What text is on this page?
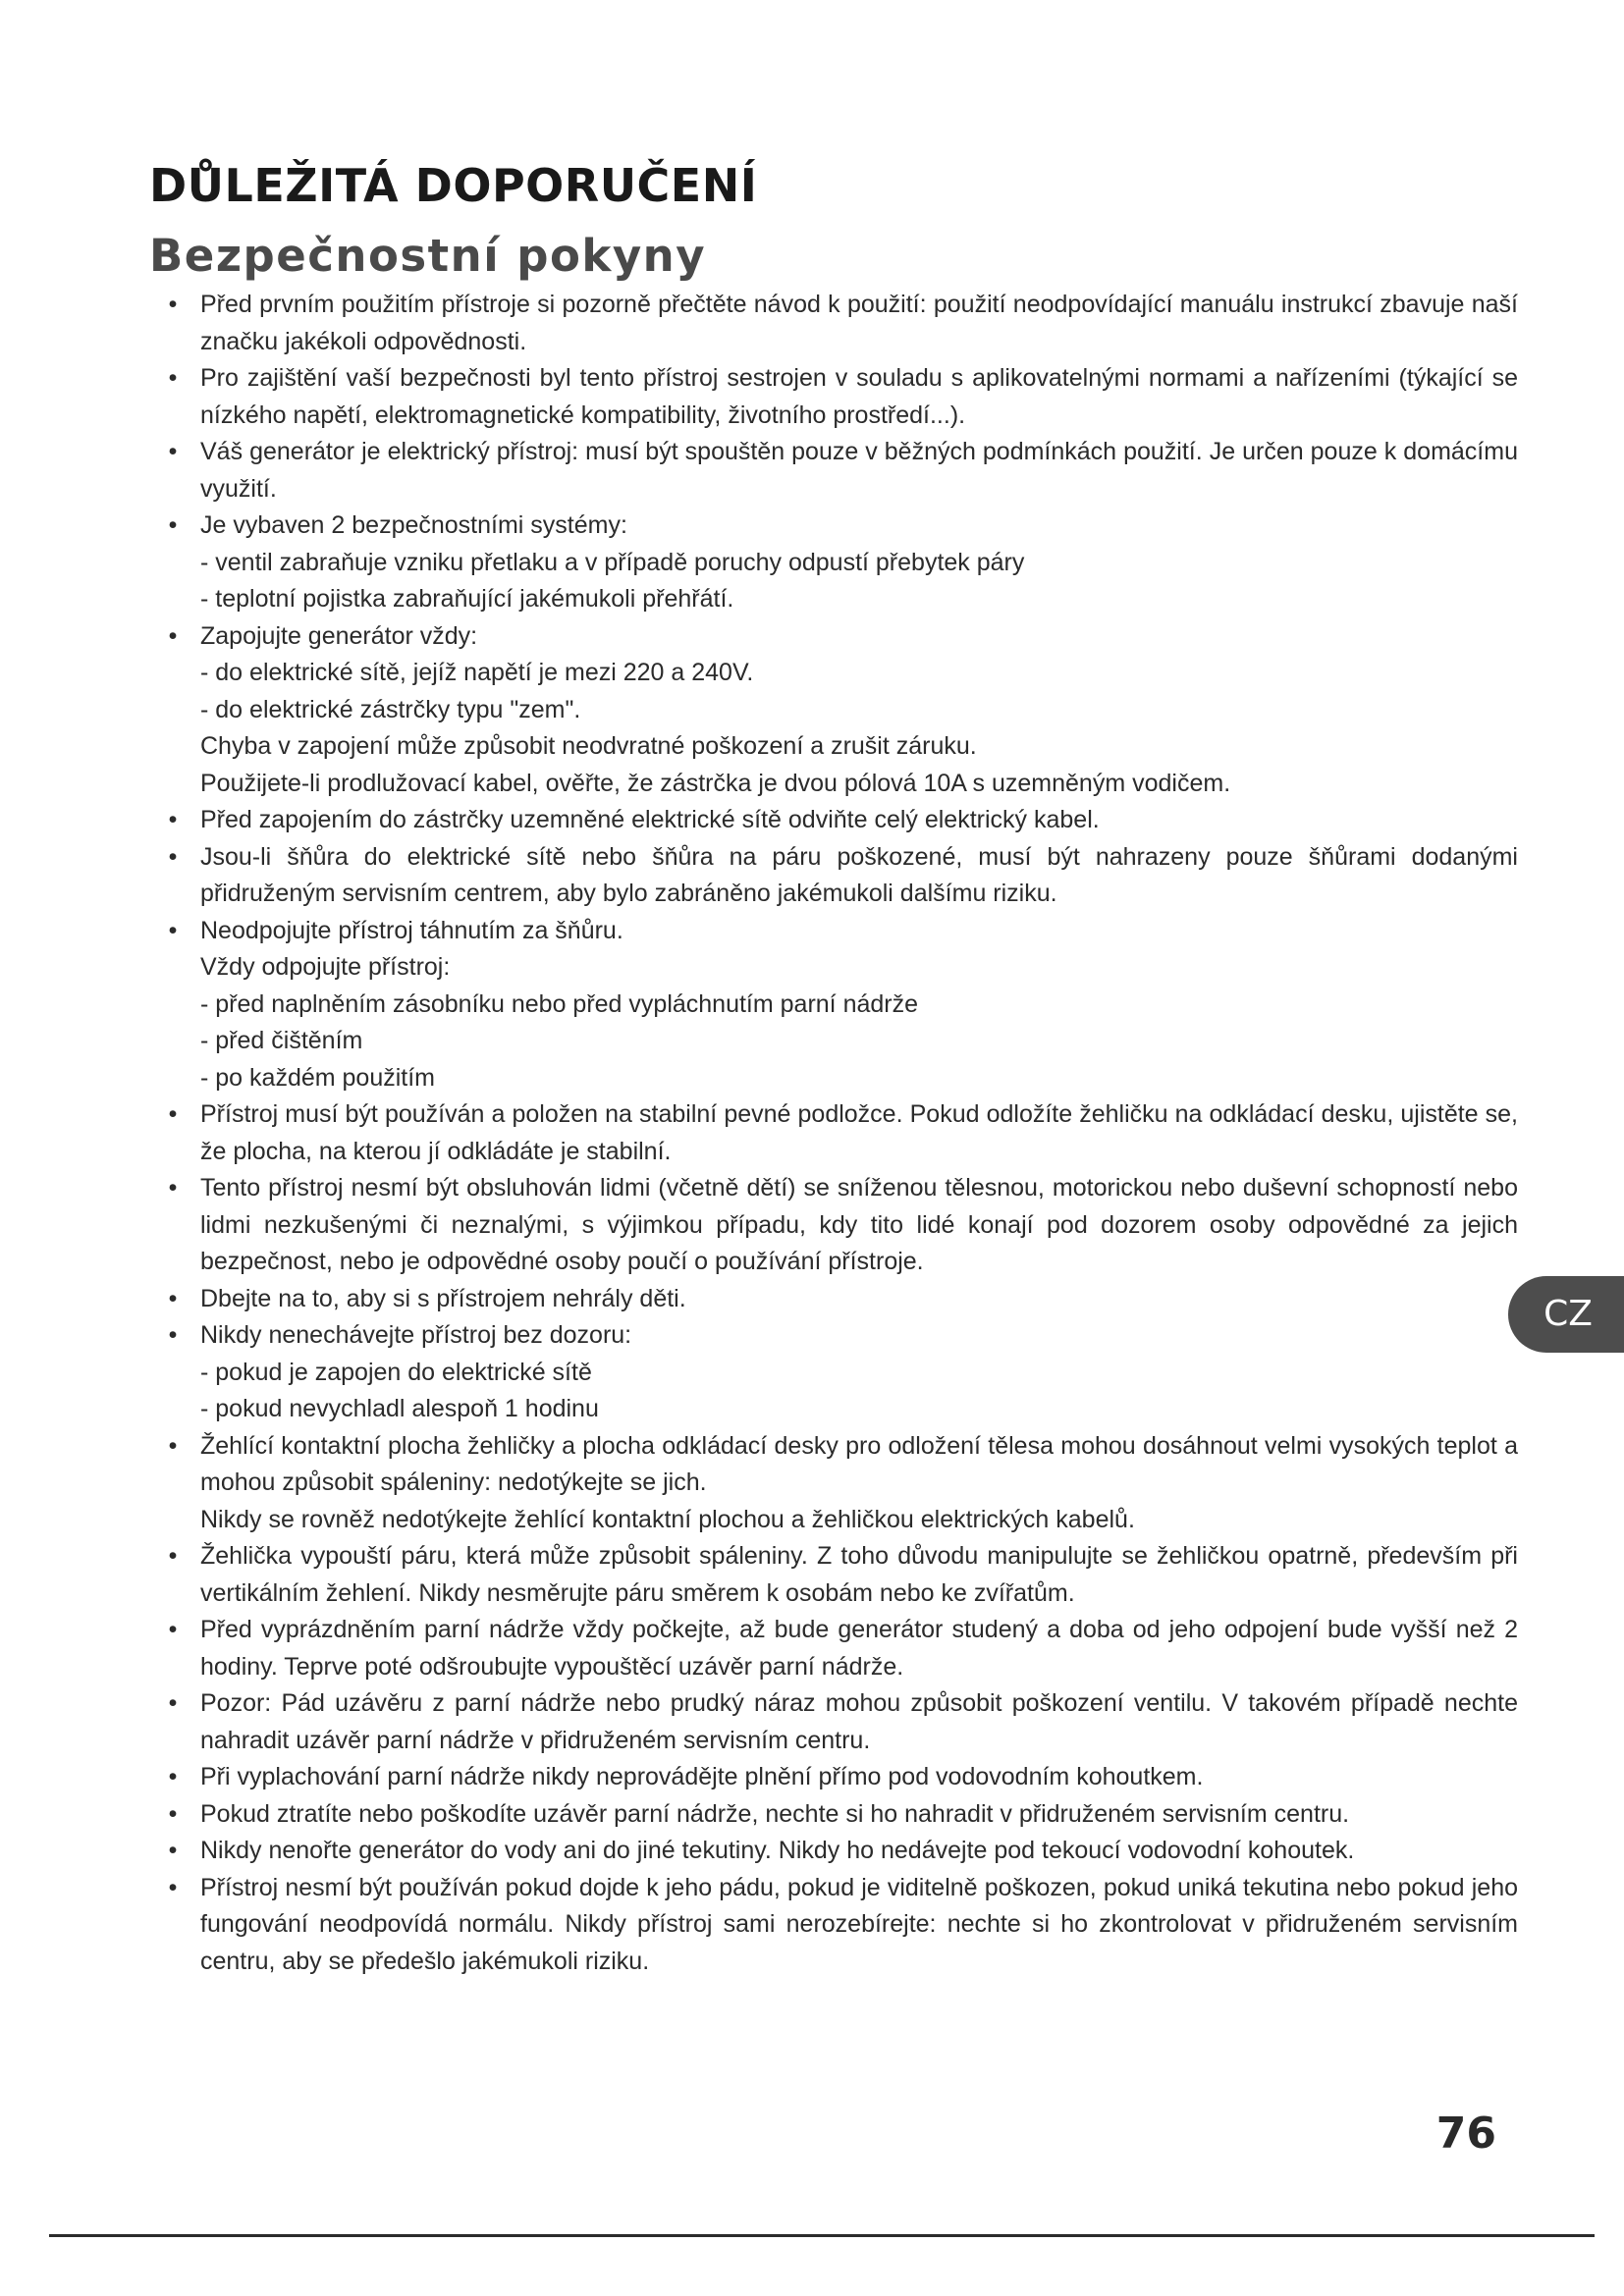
DŮLEŽITÁ DOPORUČENÍ
Bezpečnostní pokyny
• Před prvním použitím přístroje si pozorně přečtěte návod k použití: použití neodpovídající manuálu instrukcí zbavuje naší značku jakékoli odpovědnosti.
• Pro zajištění vaší bezpečnosti byl tento přístroj sestrojen v souladu s aplikovatelnými normami a nařízeními (týkající se nízkého napětí, elektromagnetické kompatibility, životního prostředí...).
• Váš generátor je elektrický přístroj: musí být spouštěn pouze v běžných podmínkách použití. Je určen pouze k domácímu využití.
• Je vybaven 2 bezpečnostními systémy:
- ventil zabraňuje vzniku přetlaku a v případě poruchy odpustí přebytek páry
- teplotní pojistka zabraňující jakémukoli přehřátí.
• Zapojujte generátor vždy:
- do elektrické sítě, jejíž napětí je mezi 220 a 240V.
- do elektrické zástrčky typu "zem".
Chyba v zapojení může způsobit neodvratné poškození a zrušit záruku.
Použijete-li prodlužovací kabel, ověřte, že zástrčka je dvou pólová 10A s uzemněným vodičem.
• Před zapojením do zástrčky uzemněné elektrické sítě odviňte celý elektrický kabel.
• Jsou-li šňůra do elektrické sítě nebo šňůra na páru poškozené, musí být nahrazeny pouze šňůrami dodanými přidruženým servisním centrem, aby bylo zabráněno jakémukoli dalšímu riziku.
• Neodpojujte přístroj táhnutím za šňůru.
Vždy odpojujte přístroj:
- před naplněním zásobníku nebo před vypláchnutím parní nádrže
- před čištěním
- po každém použitím
• Přístroj musí být používán a položen na stabilní pevné podložce. Pokud odložíte žehličku na odkládací desku, ujistěte se, že plocha, na kterou jí odkládáte je stabilní.
• Tento přístroj nesmí být obsluhován lidmi (včetně dětí) se sníženou tělesnou, motorickou nebo duševní schopností nebo lidmi nezkušenými či neznalými, s výjimkou případu, kdy tito lidé konají pod dozorem osoby odpovědné za jejich bezpečnost, nebo je odpovědné osoby poučí o používání přístroje.
• Dbejte na to, aby si s přístrojem nehrály děti.
• Nikdy nenechávejte přístroj bez dozoru:
- pokud je zapojen do elektrické sítě
- pokud nevychladl alespoň 1 hodinu
• Žehlící kontaktní plocha žehličky a plocha odkládací desky pro odložení tělesa mohou dosáhnout velmi vysokých teplot a mohou způsobit spáleniny: nedotýkejte se jich.
Nikdy se rovněž nedotýkejte žehlící kontaktní plochou a žehličkou elektrických kabelů.
• Žehlička vypouští páru, která může způsobit spáleniny. Z toho důvodu manipulujte se žehličkou opatrně, především při vertikálním žehlení. Nikdy nesměrujte páru směrem k osobám nebo ke zvířatům.
• Před vyprázdněním parní nádrže vždy počkejte, až bude generátor studený a doba od jeho odpojení bude vyšší než 2 hodiny. Teprve poté odšroubujte vypouštěcí uzávěr parní nádrže.
• Pozor: Pád uzávěru z parní nádrže nebo prudký náraz mohou způsobit poškození ventilu. V takovém případě nechte nahradit uzávěr parní nádrže v přidruženém servisním centru.
• Při vyplachování parní nádrže nikdy neprovádějte plnění přímo pod vodovodním kohoutkem.
• Pokud ztratíte nebo poškodíte uzávěr parní nádrže, nechte si ho nahradit v přidruženém servisním centru.
• Nikdy nenořte generátor do vody ani do jiné tekutiny. Nikdy ho nedávejte pod tekoucí vodovodní kohoutek.
• Přístroj nesmí být používán pokud dojde k jeho pádu, pokud je viditelně poškozen, pokud uniká tekutina nebo pokud jeho fungování neodpovídá normálu. Nikdy přístroj sami nerozebírejte: nechte si ho zkontrolovat v přidruženém servisním centru, aby se předešlo jakémukoli riziku.
CZ
76
